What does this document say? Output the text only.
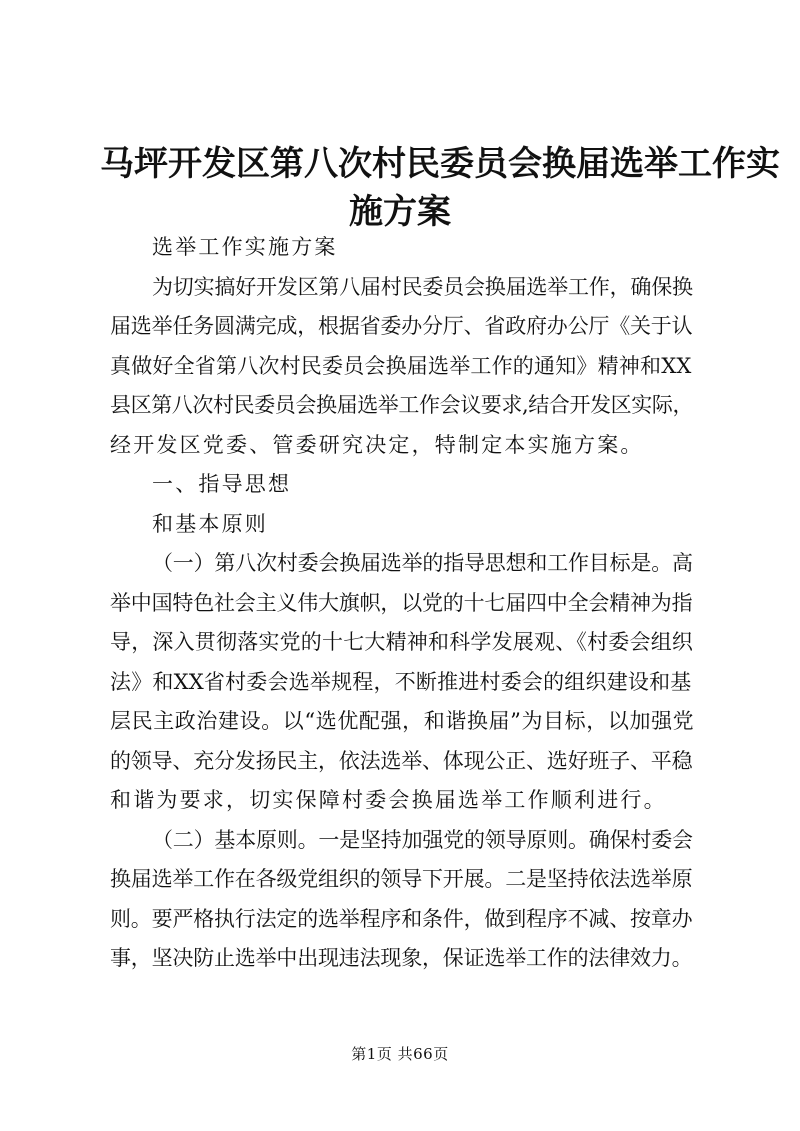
马坪开发区第八次村民委员会换届选举工作实
施方案
选举工作实施方案
为切实搞好开发区第八届村民委员会换届选举工作，确保换
届选举任务圆满完成，根据省委办分厅、省政府办公厅《关于认
真做好全省第八次村民委员会换届选举工作的通知》精神和XX
县区第八次村民委员会换届选举工作会议要求,结合开发区实际，
经开发区党委、管委研究决定，特制定本实施方案。
一、指导思想
和基本原则
（一）第八次村委会换届选举的指导思想和工作目标是。高
举中国特色社会主义伟大旗帜，以党的十七届四中全会精神为指
导，深入贯彻落实党的十七大精神和科学发展观、《村委会组织
法》和XX省村委会选举规程，不断推进村委会的组织建设和基
层民主政治建设。以“选优配强，和谐换届”为目标，以加强党
的领导、充分发扬民主，依法选举、体现公正、选好班子、平稳
和谐为要求，切实保障村委会换届选举工作顺利进行。
（二）基本原则。一是坚持加强党的领导原则。确保村委会
换届选举工作在各级党组织的领导下开展。二是坚持依法选举原
则。要严格执行法定的选举程序和条件，做到程序不减、按章办
事，坚决防止选举中出现违法现象，保证选举工作的法律效力。
第1页 共66页
